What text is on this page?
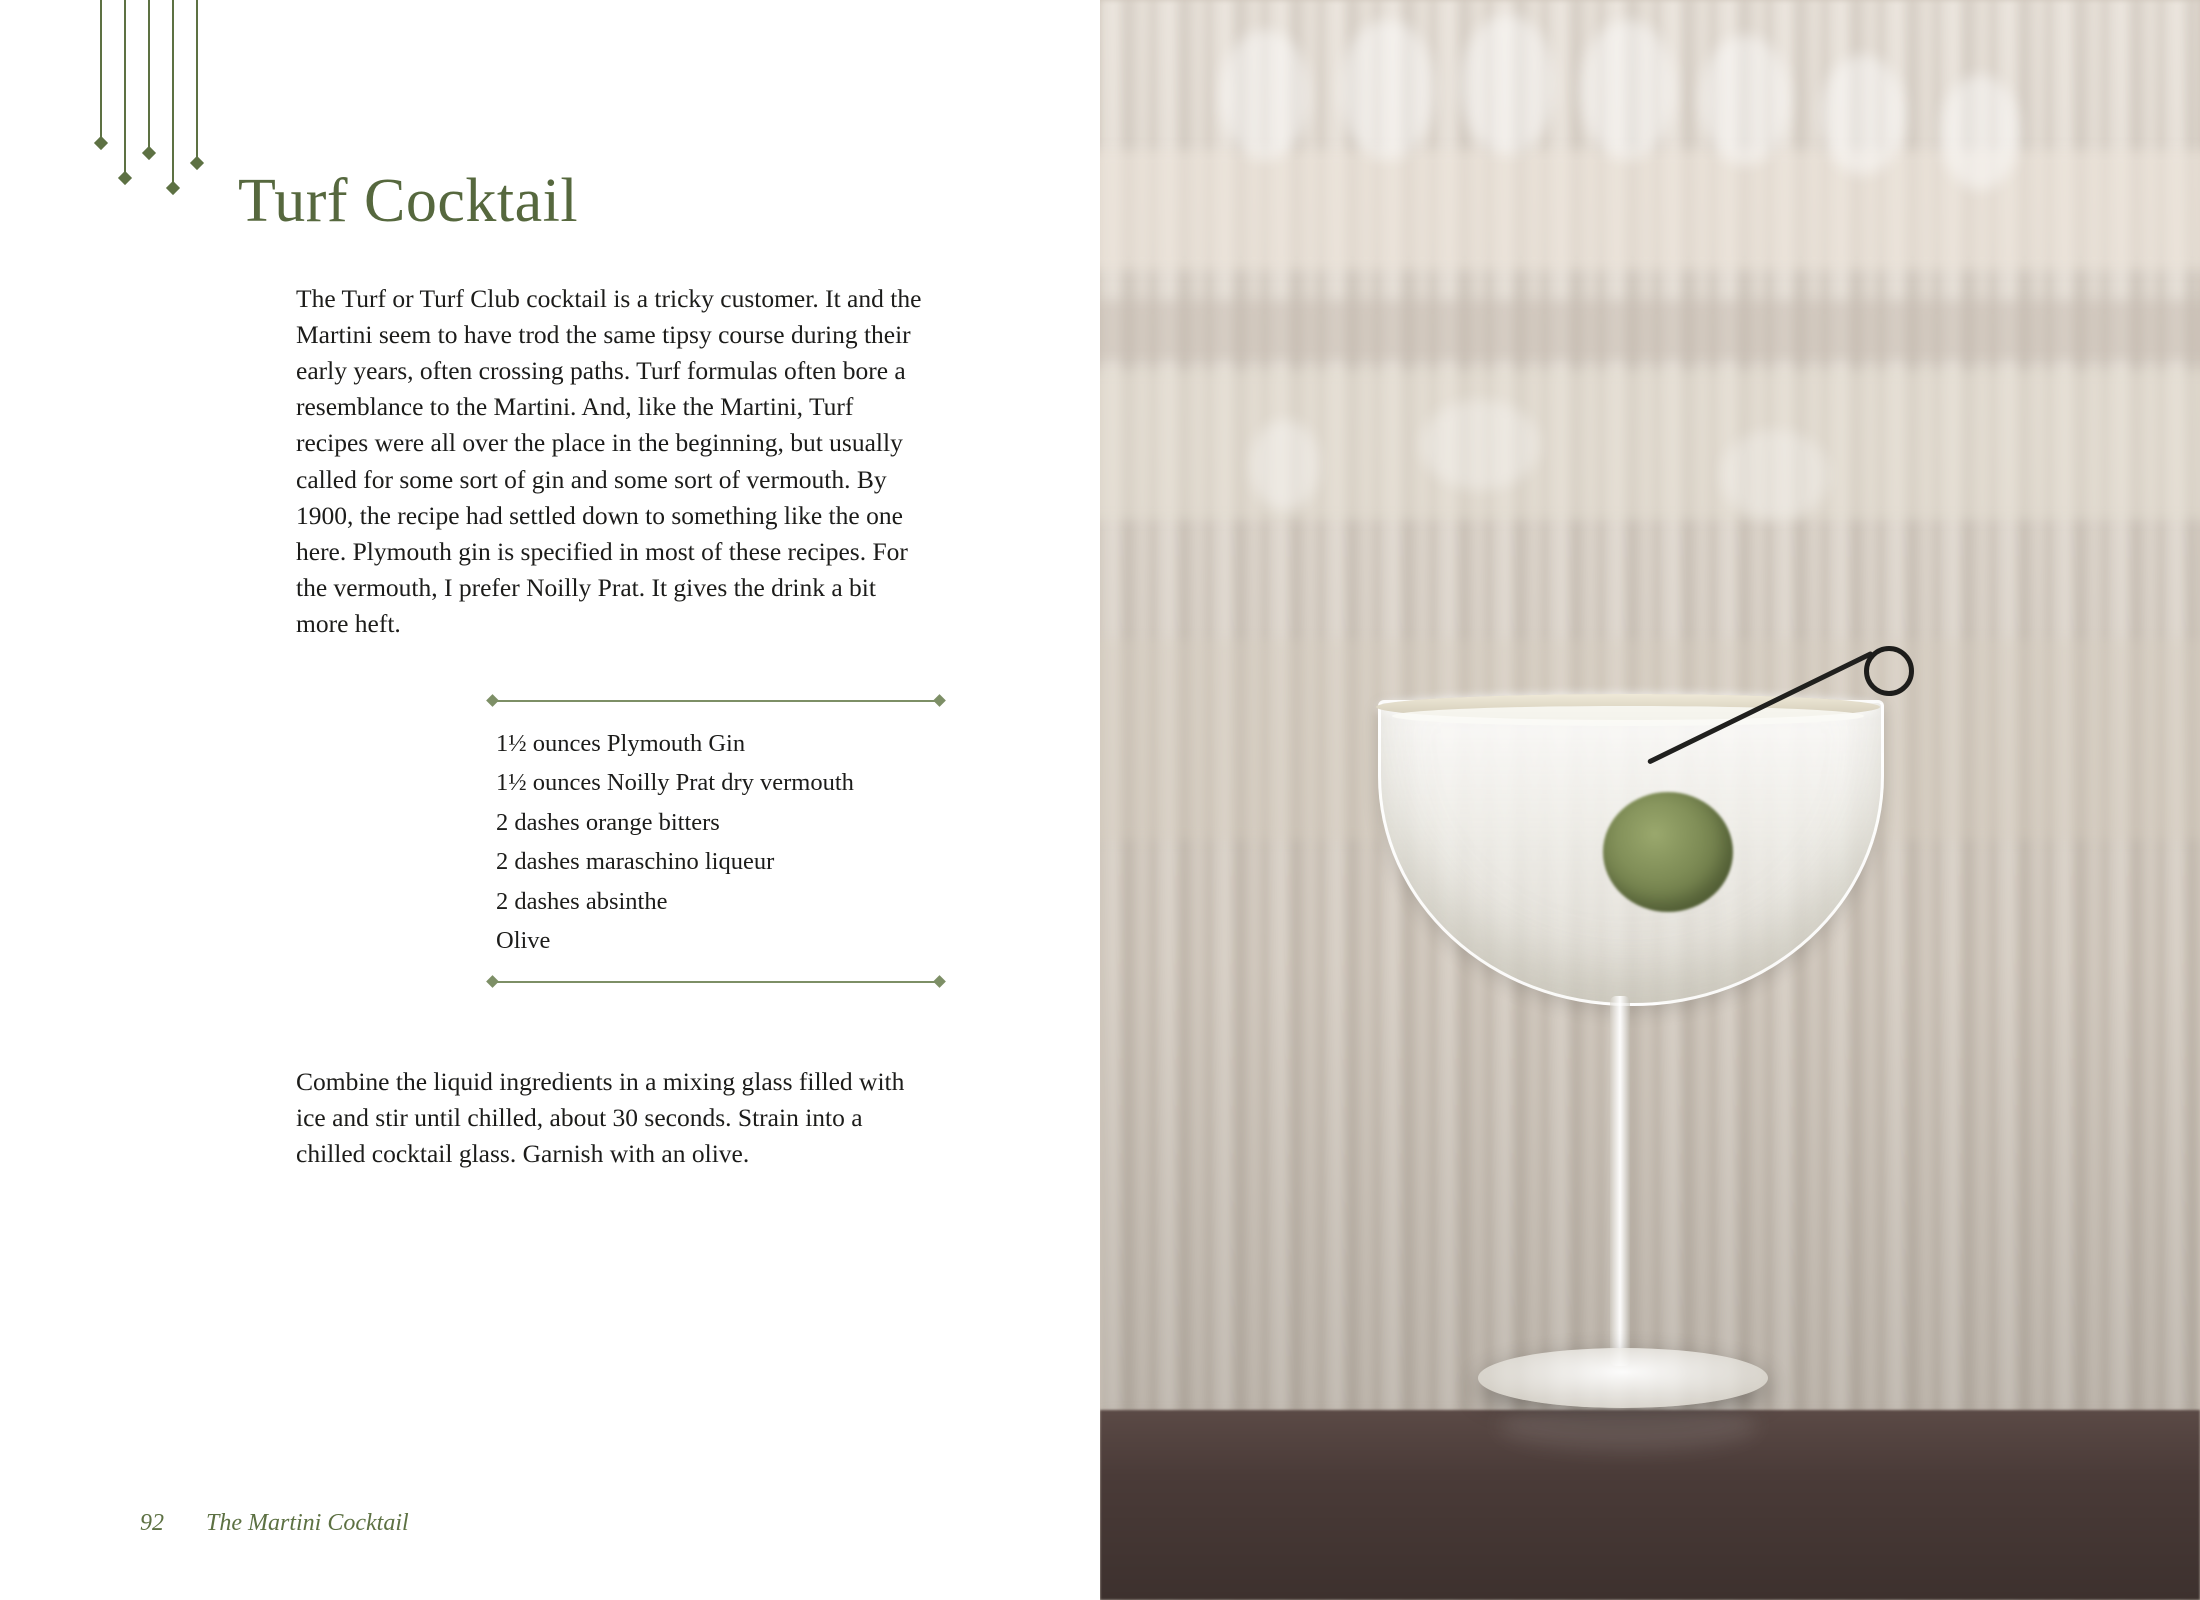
Turf Cocktail

The Turf or Turf Club cocktail is a tricky customer. It and the Martini seem to have trod the same tipsy course during their early years, often crossing paths. Turf formulas often bore a resemblance to the Martini. And, like the Martini, Turf recipes were all over the place in the beginning, but usually called for some sort of gin and some sort of vermouth. By 1900, the recipe had settled down to something like the one here. Plymouth gin is specified in most of these recipes. For the vermouth, I prefer Noilly Prat. It gives the drink a bit more heft.

1½ ounces Plymouth Gin
1½ ounces Noilly Prat dry vermouth
2 dashes orange bitters
2 dashes maraschino liqueur
2 dashes absinthe
Olive

Combine the liquid ingredients in a mixing glass filled with ice and stir until chilled, about 30 seconds. Strain into a chilled cocktail glass. Garnish with an olive.

92 The Martini Cocktail
